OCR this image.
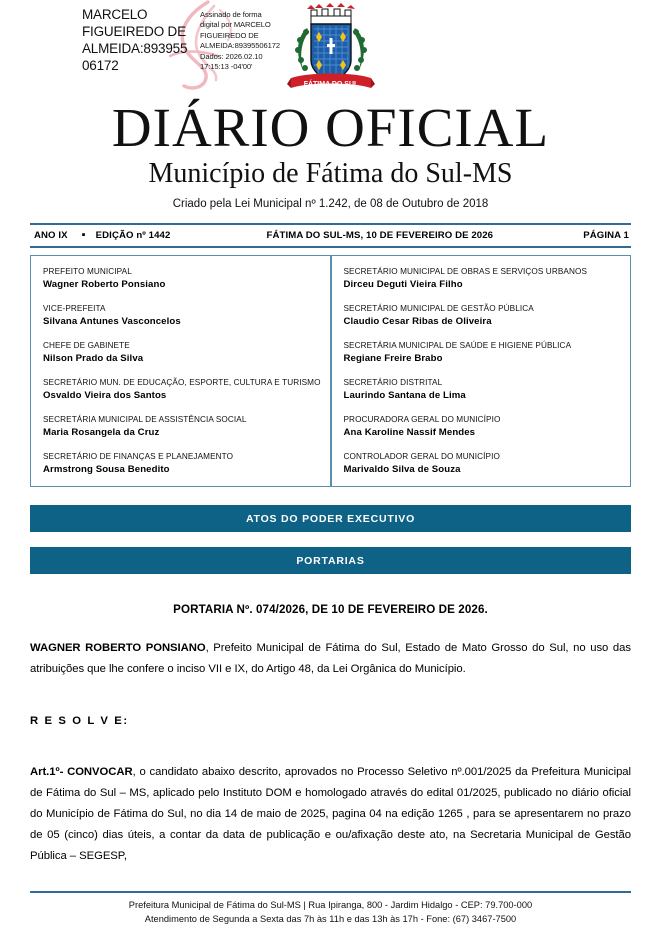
MARCELO FIGUEIREDO DE ALMEIDA:89395506172
Assinado de forma
digital por MARCELO
FIGUEIREDO DE
ALMEIDA:89395506172
Dados: 2026.02.10
17:15:13 -04'00'
FÁTIMA DO SUL
DIÁRIO OFICIAL
Município de Fátima do Sul-MS
Criado pela Lei Municipal nº 1.242, de 08 de Outubro de 2018
ANO IX ▪ EDIÇÃO nº 1442	FÁTIMA DO SUL-MS, 10 DE FEVEREIRO DE 2026	PÁGINA 1
PREFEITO MUNICIPAL
Wagner Roberto Ponsiano
VICE-PREFEITA
Silvana Antunes Vasconcelos
CHEFE DE GABINETE
Nilson Prado da Silva
SECRETÁRIO MUN. DE EDUCAÇÃO, ESPORTE, CULTURA E TURISMO
Osvaldo Vieira dos Santos
SECRETÁRIA MUNICIPAL DE ASSISTÊNCIA SOCIAL
Maria Rosangela da Cruz
SECRETÁRIO DE FINANÇAS E PLANEJAMENTO
Armstrong Sousa Benedito
SECRETÁRIO MUNICIPAL DE OBRAS E SERVIÇOS URBANOS
Dirceu Deguti Vieira Filho
SECRETÁRIO MUNICIPAL DE GESTÃO PÚBLICA
Claudio Cesar Ribas de Oliveira
SECRETÁRIA MUNICIPAL DE SAÚDE E HIGIENE PÚBLICA
Regiane Freire Brabo
SECRETÁRIO DISTRITAL
Laurindo Santana de Lima
PROCURADORA GERAL DO MUNICÍPIO
Ana Karoline Nassif Mendes
CONTROLADOR GERAL DO MUNICÍPIO
Marivaldo Silva de Souza
ATOS DO PODER EXECUTIVO
PORTARIAS
PORTARIA Nº. 074/2026, DE 10 DE FEVEREIRO DE 2026.
WAGNER ROBERTO PONSIANO, Prefeito Municipal de Fátima do Sul, Estado de Mato Grosso do Sul, no uso das atribuições que lhe confere o inciso VII e IX, do Artigo 48, da Lei Orgânica do Município.
R E S O L V E:
Art.1º- CONVOCAR, o candidato abaixo descrito, aprovados no Processo Seletivo nº.001/2025 da Prefeitura Municipal de Fátima do Sul – MS, aplicado pelo Instituto DOM e homologado através do edital 01/2025, publicado no diário oficial do Município de Fátima do Sul, no dia 14 de maio de 2025, pagina 04 na edição 1265 , para se apresentarem no prazo de 05 (cinco) dias úteis, a contar da data de publicação e ou/afixação deste ato, na Secretaria Municipal de Gestão Pública – SEGESP,
Prefeitura Municipal de Fátima do Sul-MS | Rua Ipiranga, 800 - Jardim Hidalgo - CEP: 79.700-000
Atendimento de Segunda a Sexta das 7h às 11h e das 13h às 17h - Fone: (67) 3467-7500
